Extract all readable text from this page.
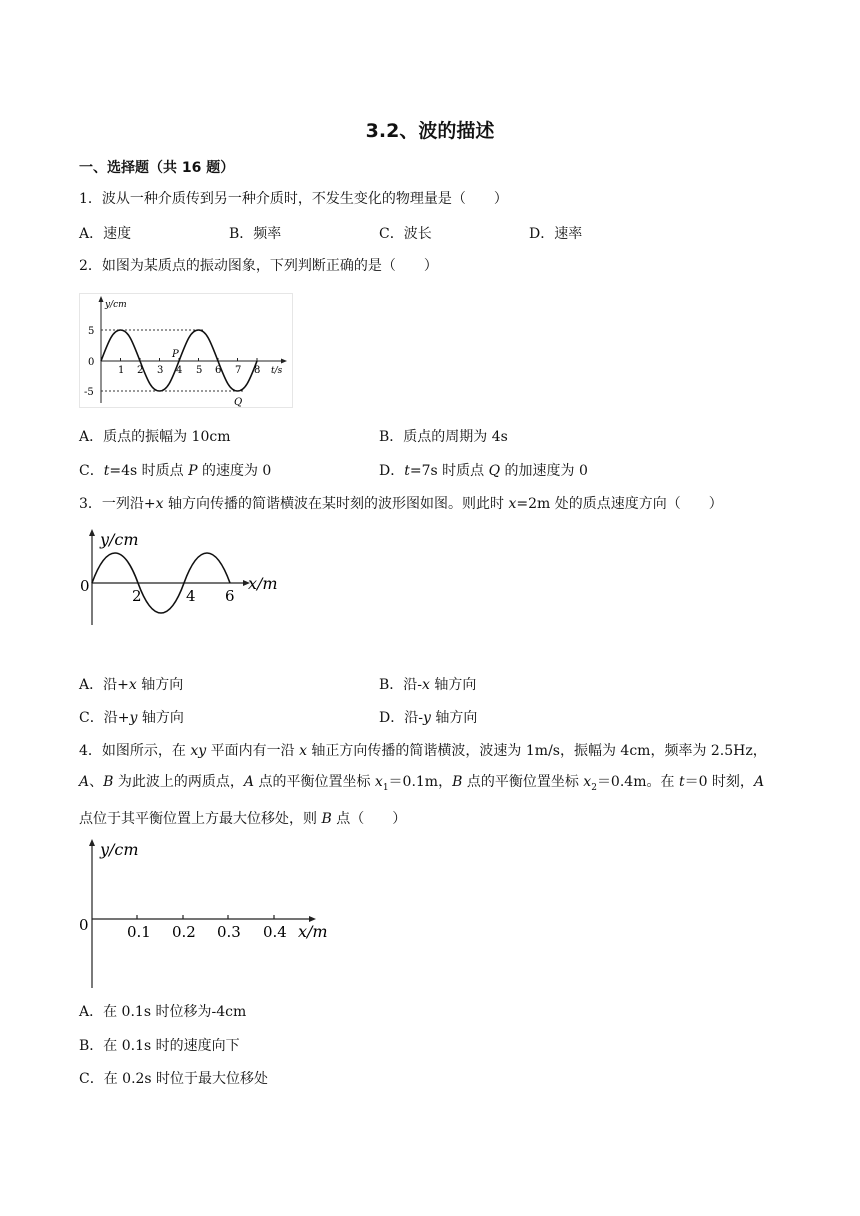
3.2、波的描述
一、选择题（共 16 题）
1．波从一种介质传到另一种介质时，不发生变化的物理量是（　　）
A．速度	B．频率	C．波长	D．速率
2．如图为某质点的振动图象，下列判断正确的是（　　）
y/cm
t/s
5
0
-5
1 2 3 4 5 6 7 8
P
Q
A．质点的振幅为 10cm	B．质点的周期为 4s
C．t=4s 时质点 P 的速度为 0	D．t=7s 时质点 Q 的加速度为 0
3．一列沿+x 轴方向传播的简谐横波在某时刻的波形图如图。则此时 x=2m 处的质点速度方向（　　）
y/cm
x/m
0
2	4 6
A．沿+x 轴方向	B．沿-x 轴方向
C．沿+y 轴方向	D．沿-y 轴方向
4．如图所示，在 xy 平面内有一沿 x 轴正方向传播的简谐横波，波速为 1m/s，振幅为 4cm，频率为 2.5Hz，
A、B 为此波上的两质点，A 点的平衡位置坐标 $x_1=0.1m$，B 点的平衡位置坐标 $x_2=0.4m$。在 t＝0 时刻，A
点位于其平衡位置上方最大位移处，则 B 点（　　）
y/cm
x/m
0	0.1 0.2 0.3 0.4
A．在 0.1s 时位移为-4cm
B．在 0.1s 时的速度向下
C．在 0.2s 时位于最大位移处
